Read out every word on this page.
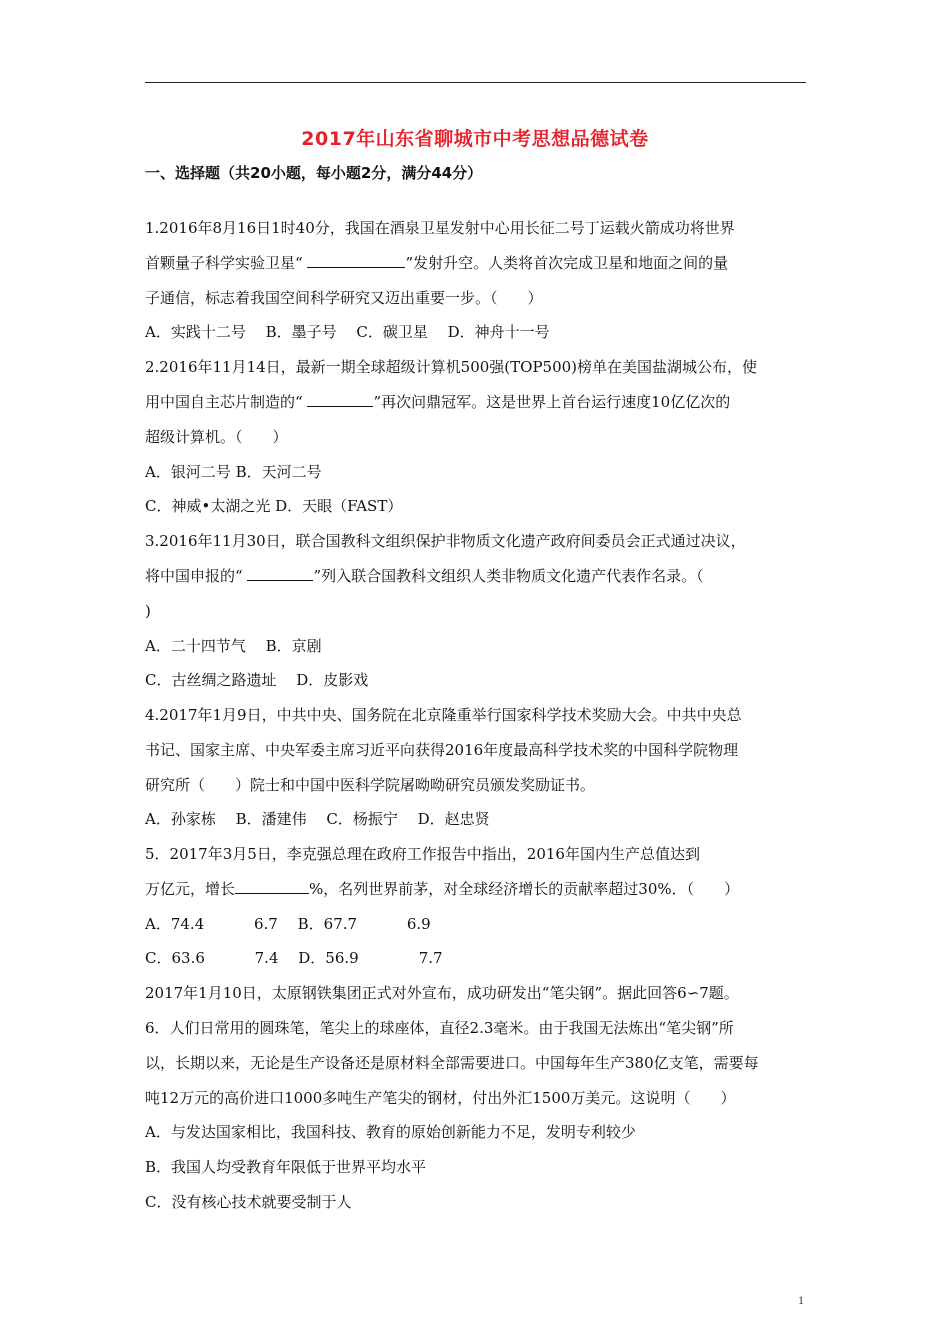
2017年山东省聊城市中考思想品德试卷
一、选择题（共20小题，每小题2分，满分44分）
1.2016年8月16日1时40分，我国在酒泉卫星发射中心用长征二号丁运载火箭成功将世界
首颗量子科学实验卫星“	”发射升空。人类将首次完成卫星和地面之间的量
子通信，标志着我国空间科学研究又迈出重要一步。（　　）
A．实践十二号　 B．墨子号　 C．碳卫星　 D．神舟十一号
2.2016年11月14日，最新一期全球超级计算机500强(TOP500)榜单在美国盐湖城公布，使
用中国自主芯片制造的“	”再次问鼎冠军。这是世界上首台运行速度10亿亿次的
超级计算机。（　　）
A．银河二号 B．天河二号
C．神威•太湖之光 D．天眼（FAST）
3.2016年11月30日，联合国教科文组织保护非物质文化遗产政府间委员会正式通过决议，
将中国申报的“	”列入联合国教科文组织人类非物质文化遗产代表作名录。（
)
A．二十四节气　 B．京剧
C．古丝绸之路遗址　 D．皮影戏
4.2017年1月9日，中共中央、国务院在北京隆重举行国家科学技术奖励大会。中共中央总
书记、国家主席、中央军委主席习近平向获得2016年度最高科学技术奖的中国科学院物理
研究所（　　）院士和中国中医科学院屠呦呦研究员颁发奖励证书。
A．孙家栋　 B．潘建伟　 C．杨振宁　 D．赵忠贤
5．2017年3月5日，李克强总理在政府工作报告中指出，2016年国内生产总值达到
万亿元，增长	%，名列世界前茅，对全球经济增长的贡献率超过30%．（　　）
A．74.4　　　 6.7　 B．67.7　　　 6.9
C．63.6　　　 7.4　 D．56.9　　　　7.7
2017年1月10日，太原钢铁集团正式对外宣布，成功研发出“笔尖钢”。据此回答6∽7题。
6．人们日常用的圆珠笔，笔尖上的球座体，直径2.3毫米。由于我国无法炼出“笔尖钢”所
以，长期以来，无论是生产设备还是原材料全部需要进口。中国每年生产380亿支笔，需要每
吨12万元的高价进口1000多吨生产笔尖的钢材，付出外汇1500万美元。这说明（　　）
A．与发达国家相比，我国科技、教育的原始创新能力不足，发明专利较少
B．我国人均受教育年限低于世界平均水平
C．没有核心技术就要受制于人
1
